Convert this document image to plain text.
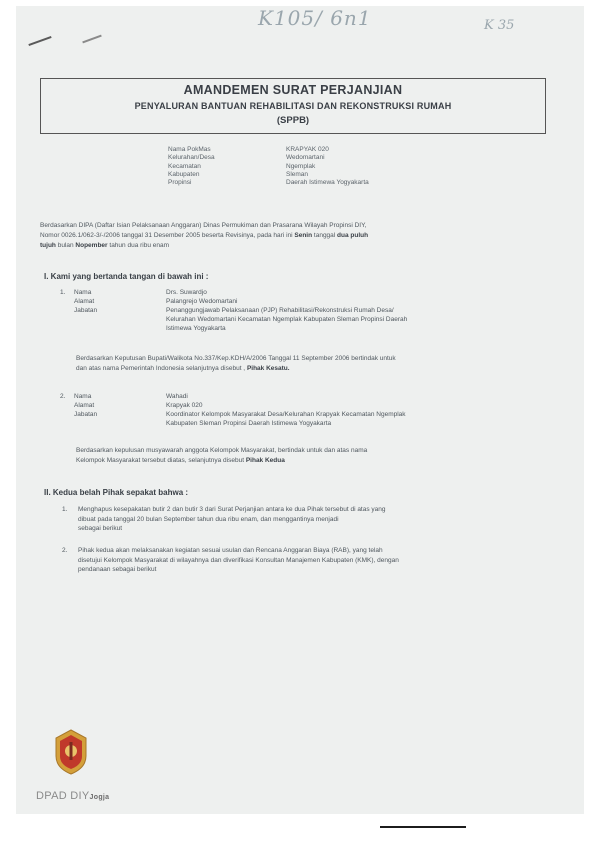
K105/ 6n1	K 35
AMANDEMEN SURAT PERJANJIAN
PENYALURAN BANTUAN REHABILITASI DAN REKONSTRUKSI RUMAH
(SPPB)
Nama PokMas	KRAPYAK 020
Kelurahan/Desa	Wedomartani
Kecamatan	Ngemplak
Kabupaten	Sleman
Propinsi	Daerah Istimewa Yogyakarta
Berdasarkan DIPA (Daftar Isian Pelaksanaan Anggaran) Dinas Permukiman dan Prasarana Wilayah Propinsi DIY,
Nomor 0026.1/062-3/-/2006 tanggal 31 Desember 2005 beserta Revisinya, pada hari ini Senin tanggal dua puluh
tujuh bulan Nopember tahun dua ribu enam
I. Kami yang bertanda tangan di bawah ini :
1.	Nama	Drs. Suwardjo
Alamat	Palangrejo Wedomartani
Jabatan	Penanggungjawab Pelaksanaan (PJP) Rehabilitasi/Rekonstruksi Rumah Desa/
Kelurahan Wedomartani Kecamatan Ngemplak Kabupaten Sleman Propinsi Daerah
Istimewa Yogyakarta
Berdasarkan Keputusan Bupati/Walikota No.337/Kep.KDH/A/2006 Tanggal 11 September 2006 bertindak untuk
dan atas nama Pemerintah Indonesia selanjutnya disebut , Pihak Kesatu.
2.	Nama	Wahadi
Alamat	Krapyak 020
Jabatan	Koordinator Kelompok Masyarakat Desa/Kelurahan Krapyak Kecamatan Ngemplak
Kabupaten Sleman Propinsi Daerah Istimewa Yogyakarta
Berdasarkan kepulusan musyawarah anggota Kelompok Masyarakat, bertindak untuk dan atas nama
Kelompok Masyarakat tersebut diatas, selanjutnya disebut Pihak Kedua
II. Kedua belah Pihak sepakat bahwa :
1. Menghapus kesepakatan butir 2 dan butir 3 dari Surat Perjanjian antara ke dua Pihak tersebut di atas yang
dibuat pada tanggal 20 bulan September tahun dua ribu enam, dan menggantinya menjadi
sebagai berikut
2. Pihak kedua akan melaksanakan kegiatan sesuai usulan dan Rencana Anggaran Biaya (RAB), yang telah
disetujui Kelompok Masyarakat di wilayahnya dan diverifikasi Konsultan Manajemen Kabupaten (KMK), dengan
pendanaan sebagai berikut
DPAD DIYJogja
